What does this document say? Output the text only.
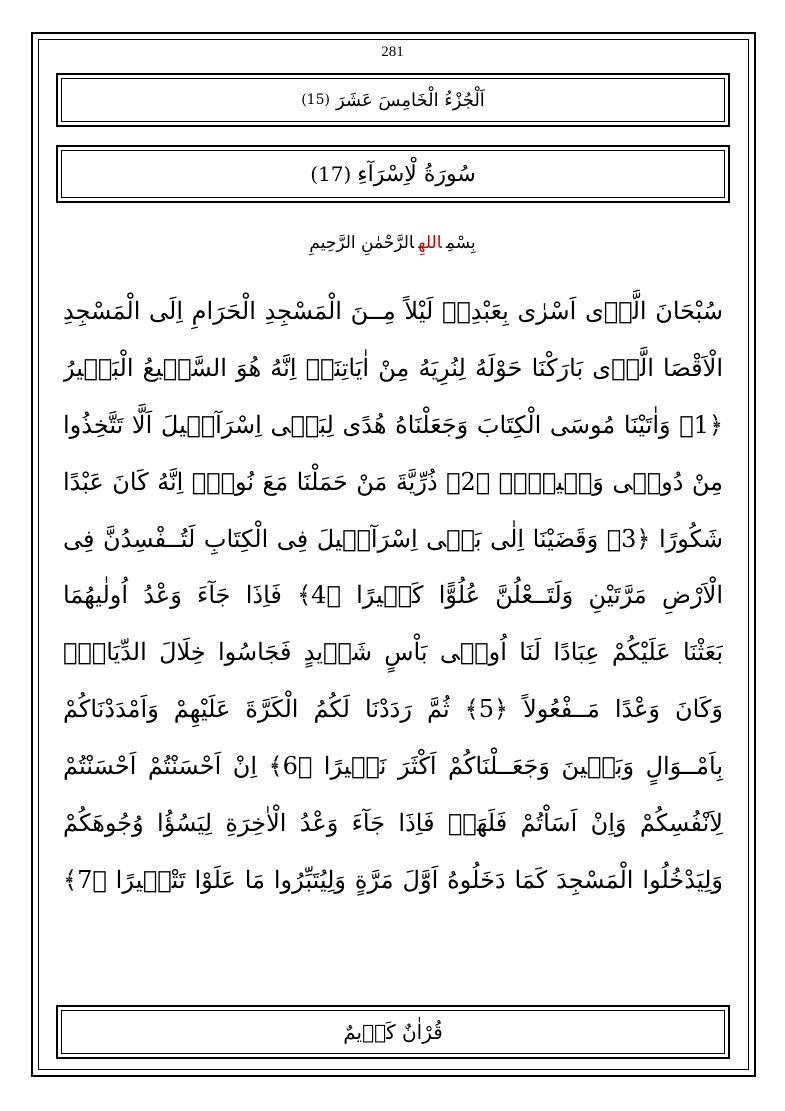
281
اَلْجُزْءُ الْخَامِسَ عَشَرَ
(15)
سُورَةُ لْاِسْرَآءِ
(17)
بِسْمِاللهِالرَّحْمٰنِ الرَّحِيمِ
سُبْحَانَ الَّذٖى اَسْرٰى بِعَبْدِهٖ لَيْلاً مِــنَ الْمَسْجِدِ الْحَرَامِ اِلَى الْمَسْجِدِ
الْاَقْصَا الَّذٖى بَارَكْنَا حَوْلَهُ لِنُرِيَهُ مِنْ اٰيَاتِنَاۜ اِنَّهُ هُوَ السَّمٖيعُ الْبَصٖيرُ
﴿1﴾ وَاٰتَيْنَا مُوسَى الْكِتَابَ وَجَعَلْنَاهُ هُدًى لِبَنٖى اِسْرَآئٖيلَ اَلَّا تَتَّخِذُوا
مِنْ دُونٖى وَكٖيلاًۜ ﴿2﴾ ذُرِّيَّةَ مَنْ حَمَلْنَا مَعَ نُوحٍۜ اِنَّهُ كَانَ عَبْدًا
شَكُورًا ﴿3﴾ وَقَضَيْنَا اِلٰى بَنٖى اِسْرَآئٖيلَ فِى الْكِتَابِ لَتُــفْسِدُنَّ فِى
الْاَرْضِ مَرَّتَيْنِ وَلَتَــعْلُنَّ عُلُوًّا كَبٖيرًا ﴿4﴾ فَاِذَا جَآءَ وَعْدُ اُولٰيهُمَا
بَعَثْنَا عَلَيْكُمْ عِبَادًا لَنَا اُولٖى بَاْسٍ شَدٖيدٍ فَجَاسُوا خِلَالَ الدِّيَارِۜ
وَكَانَ وَعْدًا مَــفْعُولاً ﴿5﴾ ثُمَّ رَدَدْنَا لَكُمُ الْكَرَّةَ عَلَيْهِمْ وَاَمْدَدْنَاكُمْ
بِاَمْــوَالٍ وَبَنٖينَ وَجَعَــلْنَاكُمْ اَكْثَرَ نَفٖيرًا ﴿6﴾ اِنْ اَحْسَنْتُمْ اَحْسَنْتُمْ
لِاَنْفُسِكُمْ وَاِنْ اَسَاْتُمْ فَلَهَاۜ فَاِذَا جَآءَ وَعْدُ الْاٰخِرَةِ لِيَسُؤُا وُجُوهَكُمْ
وَلِيَدْخُلُوا الْمَسْجِدَ كَمَا دَخَلُوهُ اَوَّلَ مَرَّةٍ وَلِيُتَبِّرُوا مَا عَلَوْا تَتْبٖيرًا ﴿7﴾
قُرْاٰنٌ كَرٖيمٌ
